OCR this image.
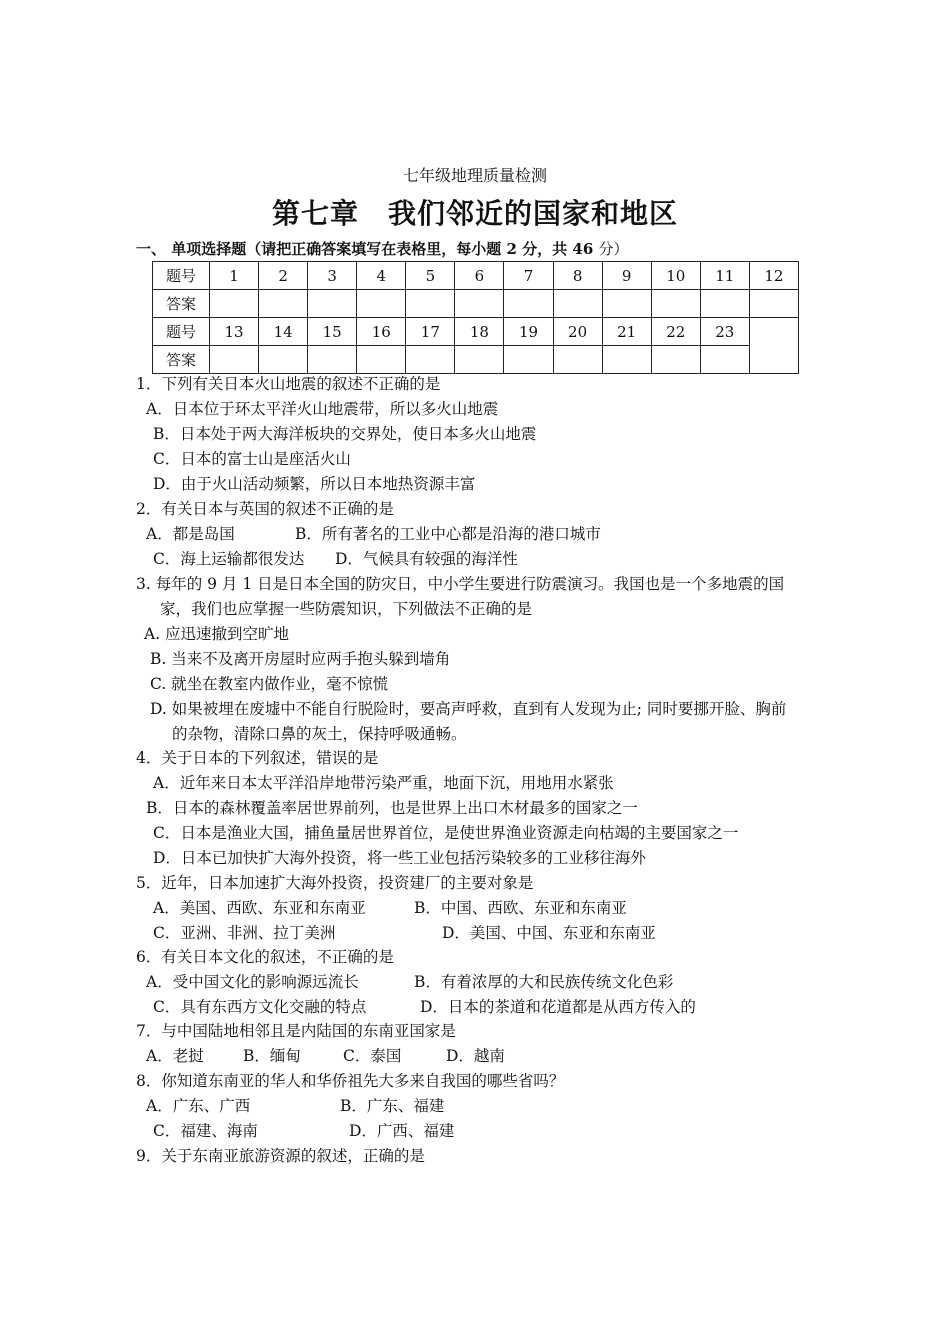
七年级地理质量检测
第七章　我们邻近的国家和地区
一、 单项选择题（请把正确答案填写在表格里，每小题 2 分，共 46 分）
题号	1	2	3	4	5	6	7	8	9	10	11	12
答案												
题号	13	14	15	16	17	18	19	20	21	22	23	
答案												
1．下列有关日本火山地震的叙述不正确的是
A．日本位于环太平洋火山地震带，所以多火山地震
B．日本处于两大海洋板块的交界处，使日本多火山地震
C．日本的富士山是座活火山
D．由于火山活动频繁，所以日本地热资源丰富
2．有关日本与英国的叙述不正确的是
A．都是岛国	B．所有著名的工业中心都是沿海的港口城市
C．海上运输都很发达 D．气候具有较强的海洋性
3. 每年的 9 月 1 日是日本全国的防灾日，中小学生要进行防震演习。我国也是一个多地震的国
家，我们也应掌握一些防震知识，下列做法不正确的是
A. 应迅速撤到空旷地
B. 当来不及离开房屋时应两手抱头躲到墙角
C. 就坐在教室内做作业，毫不惊慌
D. 如果被埋在废墟中不能自行脱险时，要高声呼救，直到有人发现为止; 同时要挪开脸、胸前
的杂物，清除口鼻的灰土，保持呼吸通畅。
4．关于日本的下列叙述，错误的是
A．近年来日本太平洋沿岸地带污染严重，地面下沉，用地用水紧张
B．日本的森林覆盖率居世界前列，也是世界上出口木材最多的国家之一
C．日本是渔业大国，捕鱼量居世界首位，是使世界渔业资源走向枯竭的主要国家之一
D．日本已加快扩大海外投资，将一些工业包括污染较多的工业移往海外
5．近年，日本加速扩大海外投资，投资建厂的主要对象是
A．美国、西欧、东亚和东南亚	B．中国、西欧、东亚和东南亚
C．亚洲、非洲、拉丁美洲	D．美国、中国、东亚和东南亚
6．有关日本文化的叙述，不正确的是
A．受中国文化的影响源远流长	B．有着浓厚的大和民族传统文化色彩
C．具有东西方文化交融的特点	D．日本的茶道和花道都是从西方传入的
7．与中国陆地相邻且是内陆国的东南亚国家是
A．老挝	B．缅甸	C．泰国	D．越南
8．你知道东南亚的华人和华侨祖先大多来自我国的哪些省吗？
A．广东、广西	B．广东、福建
C．福建、海南	D．广西、福建
9．关于东南亚旅游资源的叙述，正确的是
